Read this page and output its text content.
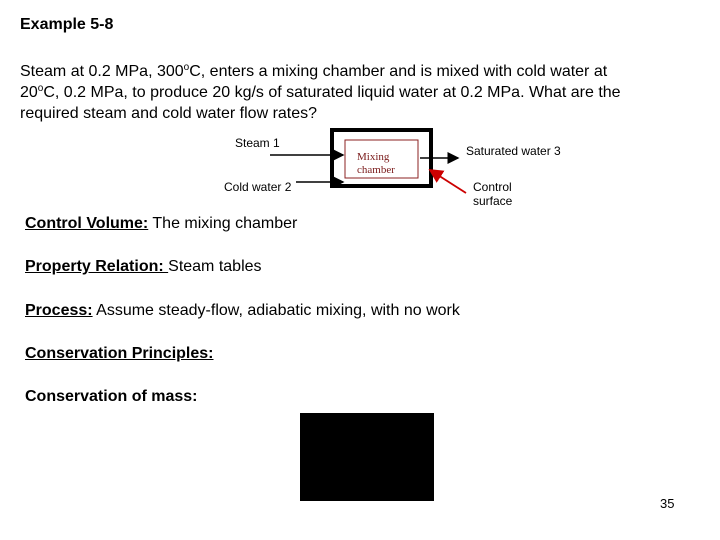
Example 5-8
Steam at 0.2 MPa, 300$^o$C, enters a mixing chamber and is mixed with cold water at
20$^o$C, 0.2 MPa, to produce 20 kg/s of saturated liquid water at 0.2 MPa. What are the
required steam and cold water flow rates?
Steam 1
Cold water 2
Mixing
chamber
Saturated water 3
Control
surface
Control Volume: The mixing chamber
Property Relation: Steam tables
Process: Assume steady-flow, adiabatic mixing, with no work
Conservation Principles:
Conservation of mass:
35
